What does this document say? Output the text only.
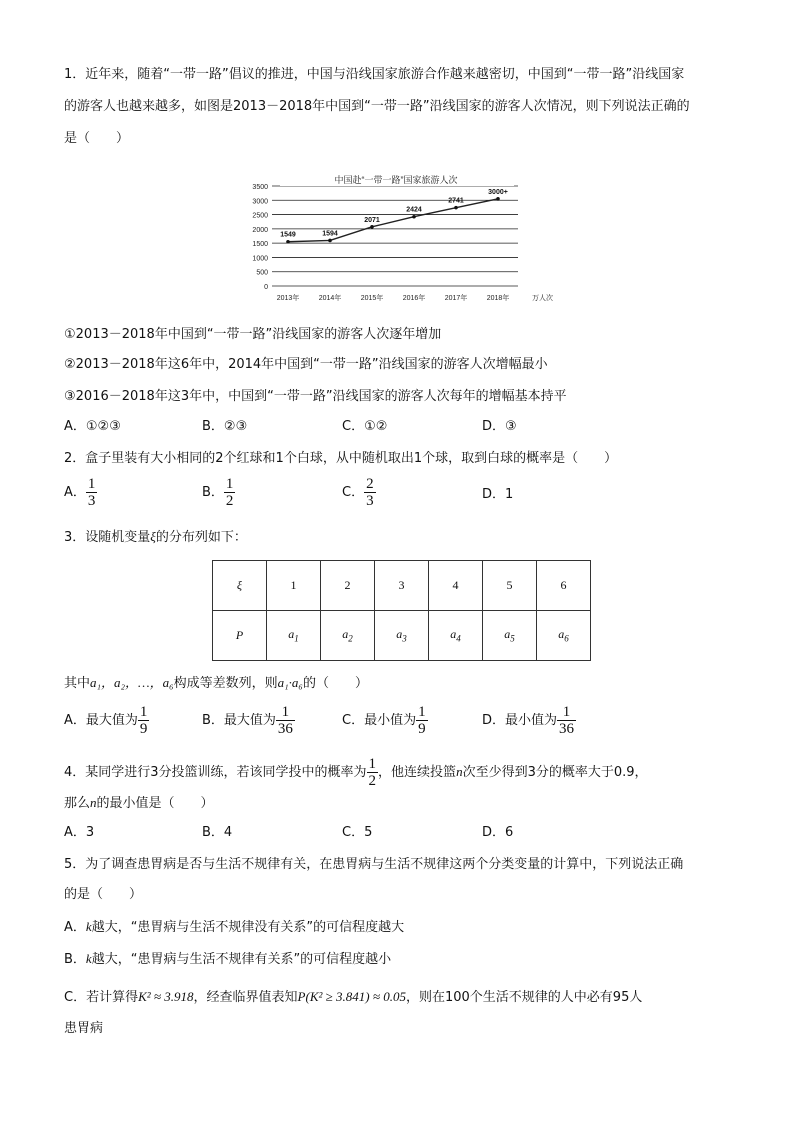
1．近年来，随着“一带一路”倡议的推进，中国与沿线国家旅游合作越来越密切，中国到“一带一路”沿线国家
的游客人也越来越多，如图是2013－2018年中国到“一带一路”沿线国家的游客人次情况，则下列说法正确的
是（　　）
0
500
1000
1500
2000
2500
3000
3500
2013年	2014年	2015年	2016年	2017年	2018年
1549	1594
2071
2424
2741
3000+
中国赴“一带一路”国家旅游人次
万人次
①2013－2018年中国到“一带一路”沿线国家的游客人次逐年增加
②2013－2018年这6年中，2014年中国到“一带一路”沿线国家的游客人次增幅最小
③2016－2018年这3年中，中国到“一带一路”沿线国家的游客人次每年的增幅基本持平
A．①②③	B．②③	C．①②	D．③
2．盒子里装有大小相同的2个红球和1个白球，从中随机取出1个球，取到白球的概率是（　　）
A． $\frac{1}{3}$	B． $\frac{1}{2}$	C． $\frac{2}{3}$	D．1
3．设随机变量ξ的分布列如下：
ξ	1	2	3	4	5	6
P	$a_1$	$a_2$	$a_3$	$a_4$	$a_5$	$a_6$
其中a₁，a₂，…，a₆构成等差数列，则a₁·a₆的（　　）
A．最大值为 $\frac{1}{9}$	B．最大值为 $\frac{1}{36}$	C．最小值为 $\frac{1}{9}$	D．最小值为 $\frac{1}{36}$
4．某同学进行3分投篮训练，若该同学投中的概率为 $\frac{1}{2}$ ，他连续投篮n次至少得到3分的概率大于0.9，
那么n的最小值是（　　）
A．3	B．4	C．5	D．6
5．为了调查患胃病是否与生活不规律有关，在患胃病与生活不规律这两个分类变量的计算中，下列说法正确
的是（　　）
A．k越大，“患胃病与生活不规律没有关系”的可信程度越大
B．k越大，“患胃病与生活不规律有关系”的可信程度越小
C．若计算得K² ≈ 3.918，经查临界值表知P(K² ≥ 3.841) ≈ 0.05，则在100个生活不规律的人中必有95人
患胃病
